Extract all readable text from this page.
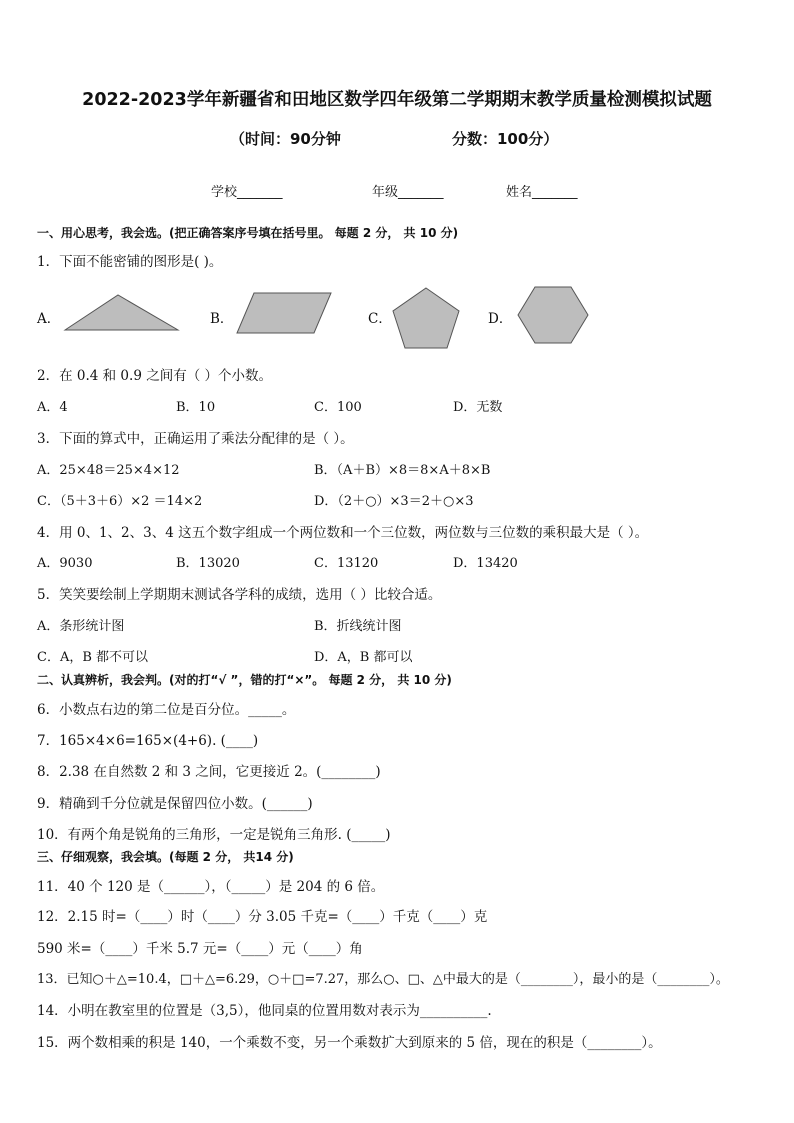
2022-2023学年新疆省和田地区数学四年级第二学期期末教学质量检测模拟试题
（时间：90分钟	分数：100分）
学校_______	年级_______	姓名_______
一、用心思考，我会选。(把正确答案序号填在括号里。 每题 2 分， 共 10 分)
1．下面不能密铺的图形是( )。
A．	B．	C．	D．
2．在 0.4 和 0.9 之间有（ ）个小数。
A．4	B．10	C．100	D．无数
3．下面的算式中，正确运用了乘法分配律的是（ ）。
A．25×48＝25×4×12	B．（A＋B）×8＝8×A＋8×B
C．（5＋3＋6）×2 ＝14×2	D．（2＋○）×3＝2＋○×3
4．用 0、1、2、3、4 这五个数字组成一个两位数和一个三位数，两位数与三位数的乘积最大是（ ）。
A．9030	B．13020	C．13120	D．13420
5．笑笑要绘制上学期期末测试各学科的成绩，选用（ ）比较合适。
A．条形统计图	B．折线统计图
C．A，B 都不可以	D．A，B 都可以
二、认真辨析，我会判。(对的打“√ ”，错的打“×”。 每题 2 分， 共 10 分)
6．小数点右边的第二位是百分位。_____。
7．165×4×6=165×(4+6). (____)
8．2.38 在自然数 2 和 3 之间，它更接近 2。(________)
9．精确到千分位就是保留四位小数。(______)
10．有两个角是锐角的三角形，一定是锐角三角形. (_____)
三、仔细观察，我会填。(每题 2 分， 共14 分)
11．40 个 120 是（______），（_____）是 204 的 6 倍。
12．2.15 时=（____）时（____）分 3.05 千克=（____）千克（____）克
590 米=（____）千米 5.7 元=（____）元（____）角
13．已知○＋△=10.4，□＋△=6.29，○＋□=7.27，那么○、□、△中最大的是（________），最小的是（________）。
14．小明在教室里的位置是（3,5），他同桌的位置用数对表示为__________.
15．两个数相乘的积是 140，一个乘数不变，另一个乘数扩大到原来的 5 倍，现在的积是（________）。
